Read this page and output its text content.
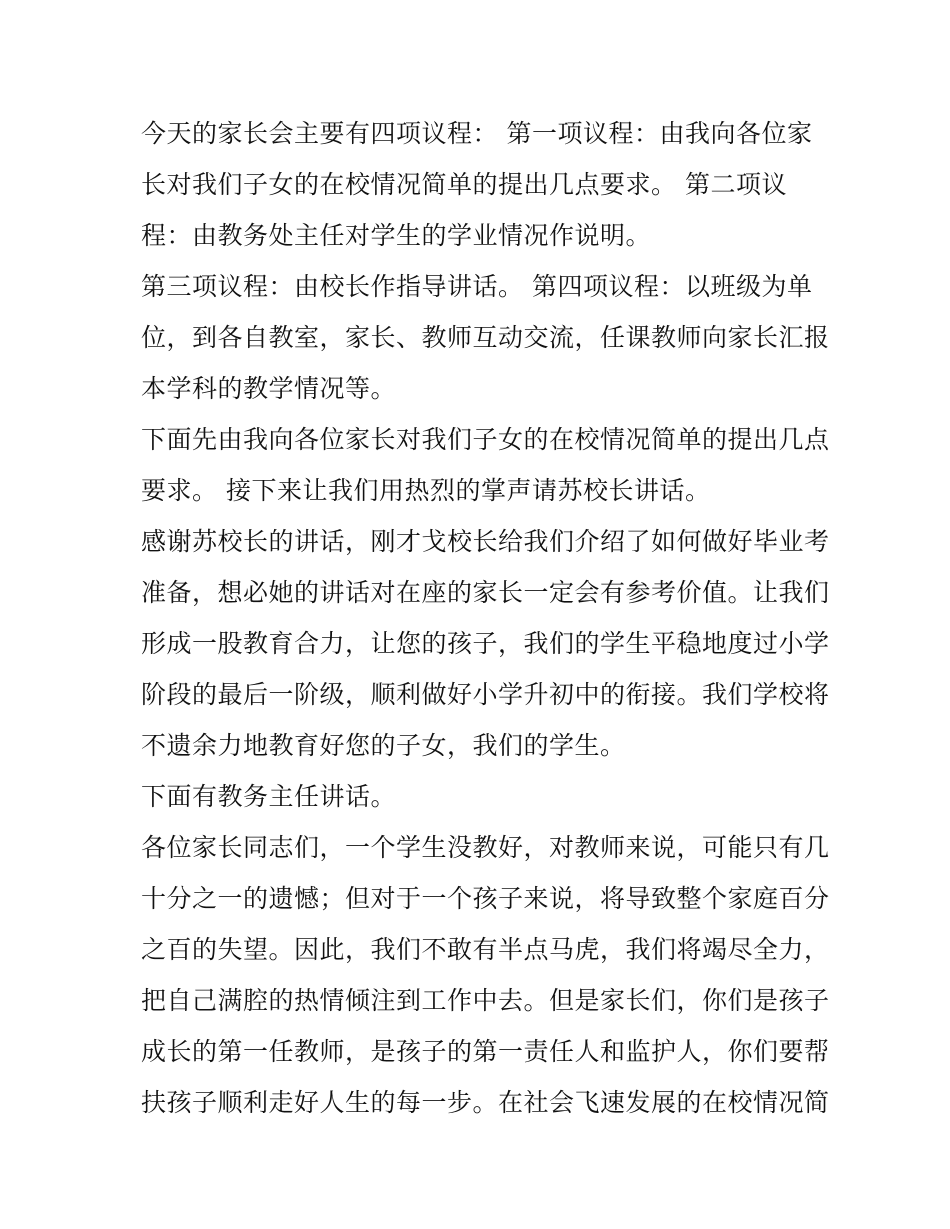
今天的家长会主要有四项议程： 第一项议程：由我向各位家
长对我们子女的在校情况简单的提出几点要求。 第二项议
程：由教务处主任对学生的学业情况作说明。
第三项议程：由校长作指导讲话。 第四项议程：以班级为单
位，到各自教室，家长、教师互动交流，任课教师向家长汇报
本学科的教学情况等。
下面先由我向各位家长对我们子女的在校情况简单的提出几点
要求。 接下来让我们用热烈的掌声请苏校长讲话。
感谢苏校长的讲话，刚才戈校长给我们介绍了如何做好毕业考
准备，想必她的讲话对在座的家长一定会有参考价值。让我们
形成一股教育合力，让您的孩子，我们的学生平稳地度过小学
阶段的最后一阶级，顺利做好小学升初中的衔接。我们学校将
不遗余力地教育好您的子女，我们的学生。
下面有教务主任讲话。
各位家长同志们，一个学生没教好，对教师来说，可能只有几
十分之一的遗憾；但对于一个孩子来说，将导致整个家庭百分
之百的失望。因此，我们不敢有半点马虎，我们将竭尽全力，
把自己满腔的热情倾注到工作中去。但是家长们，你们是孩子
成长的第一任教师，是孩子的第一责任人和监护人，你们要帮
扶孩子顺利走好人生的每一步。在社会飞速发展的在校情况简
